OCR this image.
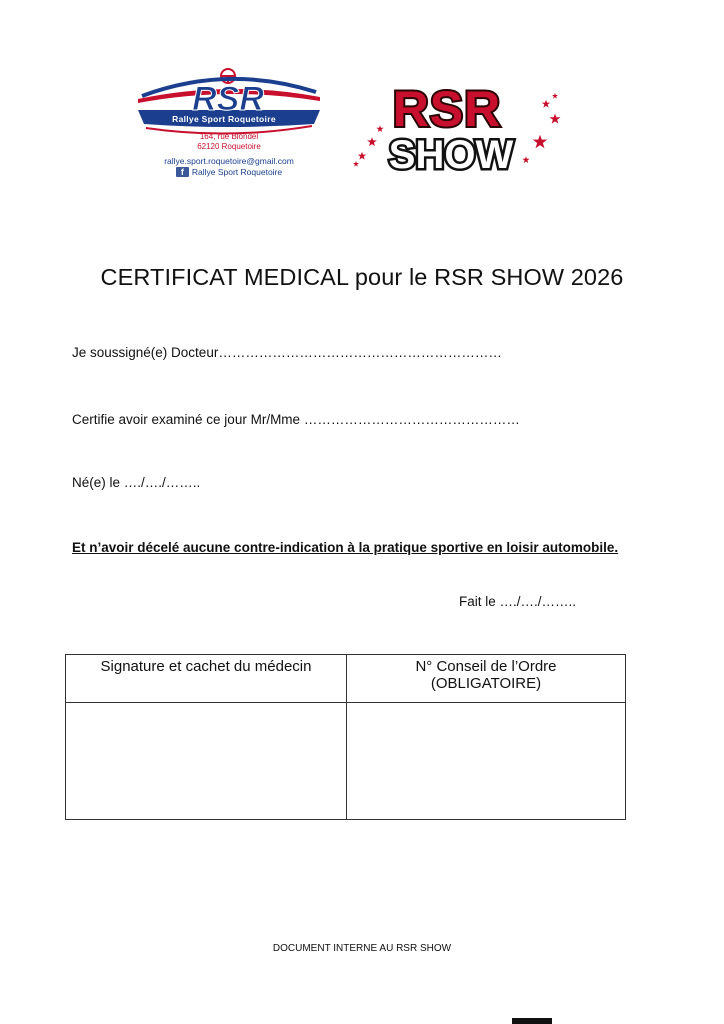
RSR
Rallye Sport Roquetoire
164, rue Blondel
62120 Roquetoire
rallye.sport.roquetoire@gmail.com
f Rallye Sport Roquetoire
RSR
SHOW
CERTIFICAT MEDICAL pour le RSR SHOW 2026
Je soussigné(e) Docteur………………………………………………………
Certifie avoir examiné ce jour Mr/Mme …………………………………………
Né(e) le …./…./……..
Et n’avoir décelé aucune contre-indication à la pratique sportive en loisir automobile.
Fait le …./…./……..
Signature et cachet du médecin	N° Conseil de l’Ordre
(OBLIGATOIRE)

DOCUMENT INTERNE AU RSR SHOW
